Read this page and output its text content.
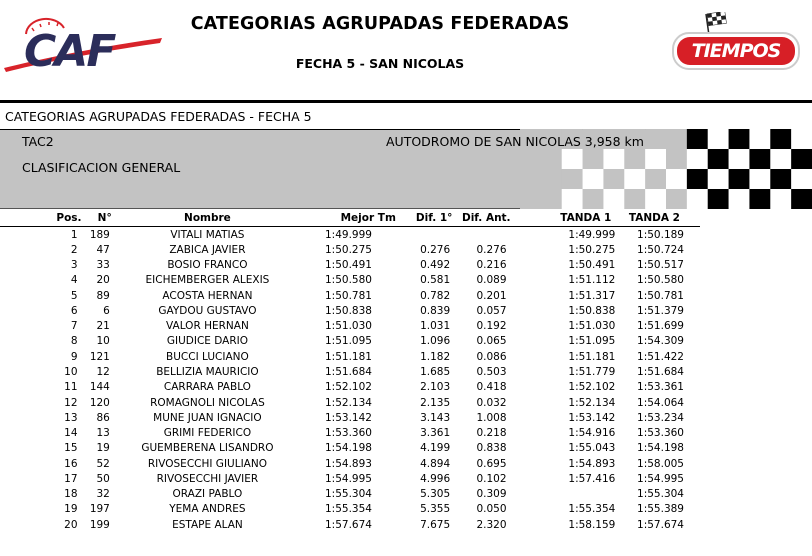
CAF
CATEGORIAS AGRUPADAS FEDERADAS
FECHA 5 - SAN NICOLAS
TIEMPOS
CATEGORIAS AGRUPADAS FEDERADAS - FECHA 5
TAC2	AUTODROMO DE SAN NICOLAS 3,958 km
CLASIFICACION GENERAL
Pos.	N°	Nombre	Mejor Tm	Dif. 1°	Dif. Ant.	TANDA 1	TANDA 2
1	189	VITALI MATIAS	1:49.999			1:49.999	1:50.189
2	47	ZABICA JAVIER	1:50.275	0.276	0.276	1:50.275	1:50.724
3	33	BOSIO FRANCO	1:50.491	0.492	0.216	1:50.491	1:50.517
4	20	EICHEMBERGER ALEXIS	1:50.580	0.581	0.089	1:51.112	1:50.580
5	89	ACOSTA HERNAN	1:50.781	0.782	0.201	1:51.317	1:50.781
6	6	GAYDOU GUSTAVO	1:50.838	0.839	0.057	1:50.838	1:51.379
7	21	VALOR HERNAN	1:51.030	1.031	0.192	1:51.030	1:51.699
8	10	GIUDICE DARIO	1:51.095	1.096	0.065	1:51.095	1:54.309
9	121	BUCCI LUCIANO	1:51.181	1.182	0.086	1:51.181	1:51.422
10	12	BELLIZIA MAURICIO	1:51.684	1.685	0.503	1:51.779	1:51.684
11	144	CARRARA PABLO	1:52.102	2.103	0.418	1:52.102	1:53.361
12	120	ROMAGNOLI NICOLAS	1:52.134	2.135	0.032	1:52.134	1:54.064
13	86	MUNE JUAN IGNACIO	1:53.142	3.143	1.008	1:53.142	1:53.234
14	13	GRIMI FEDERICO	1:53.360	3.361	0.218	1:54.916	1:53.360
15	19	GUEMBERENA LISANDRO	1:54.198	4.199	0.838	1:55.043	1:54.198
16	52	RIVOSECCHI GIULIANO	1:54.893	4.894	0.695	1:54.893	1:58.005
17	50	RIVOSECCHI JAVIER	1:54.995	4.996	0.102	1:57.416	1:54.995
18	32	ORAZI PABLO	1:55.304	5.305	0.309		1:55.304
19	197	YEMA ANDRES	1:55.354	5.355	0.050	1:55.354	1:55.389
20	199	ESTAPE ALAN	1:57.674	7.675	2.320	1:58.159	1:57.674
